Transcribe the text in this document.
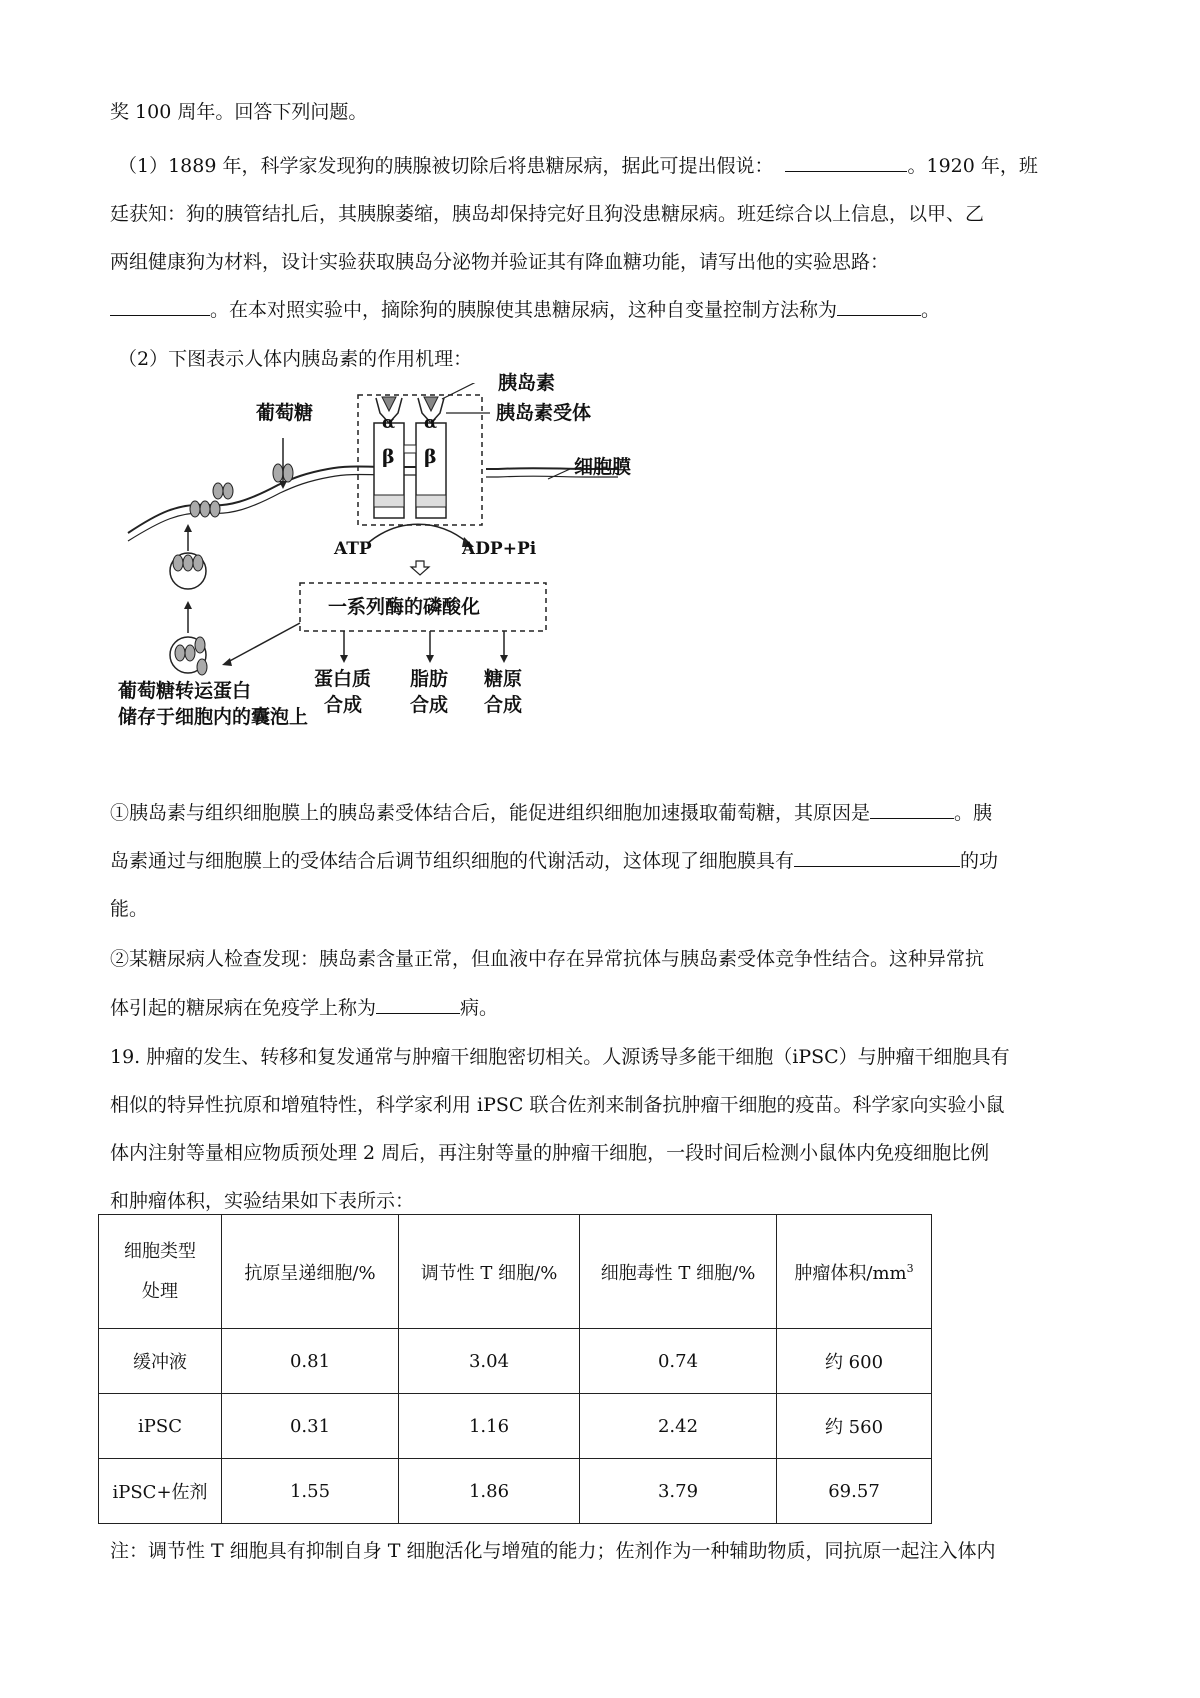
奖 100 周年。回答下列问题。
（1）1889 年，科学家发现狗的胰腺被切除后将患糖尿病，据此可提出假说：	。1920 年，班
廷获知：狗的胰管结扎后，其胰腺萎缩，胰岛却保持完好且狗没患糖尿病。班廷综合以上信息，以甲、乙
两组健康狗为材料，设计实验获取胰岛分泌物并验证其有降血糖功能，请写出他的实验思路：
。在本对照实验中，摘除狗的胰腺使其患糖尿病，这种自变量控制方法称为	。
（2）下图表示人体内胰岛素的作用机理：
胰岛素
胰岛素受体
细胞膜
葡萄糖	α α
β β
ATP	ADP+Pi
一系列酶的磷酸化
蛋白质
合成
脂肪
合成
糖原
合成
葡萄糖转运蛋白
储存于细胞内的囊泡上
①胰岛素与组织细胞膜上的胰岛素受体结合后，能促进组织细胞加速摄取葡萄糖，其原因是	。胰
岛素通过与细胞膜上的受体结合后调节组织细胞的代谢活动，这体现了细胞膜具有	的功
能。
②某糖尿病人检查发现：胰岛素含量正常，但血液中存在异常抗体与胰岛素受体竞争性结合。这种异常抗
体引起的糖尿病在免疫学上称为	病。
19. 肿瘤的发生、转移和复发通常与肿瘤干细胞密切相关。人源诱导多能干细胞（iPSC）与肿瘤干细胞具有
相似的特异性抗原和增殖特性，科学家利用 iPSC 联合佐剂来制备抗肿瘤干细胞的疫苗。科学家向实验小鼠
体内注射等量相应物质预处理 2 周后，再注射等量的肿瘤干细胞，一段时间后检测小鼠体内免疫细胞比例
和肿瘤体积，实验结果如下表所示：
细胞类型
处理	抗原呈递细胞/%	调节性 T 细胞/%	细胞毒性 T 细胞/%	肿瘤体积$/mm^3$
缓冲液	0.81	3.04	0.74	约 600
iPSC	0.31	1.16	2.42	约 560
iPSC+佐剂	1.55	1.86	3.79	69.57
注：调节性 T 细胞具有抑制自身 T 细胞活化与增殖的能力；佐剂作为一种辅助物质，同抗原一起注入体内
